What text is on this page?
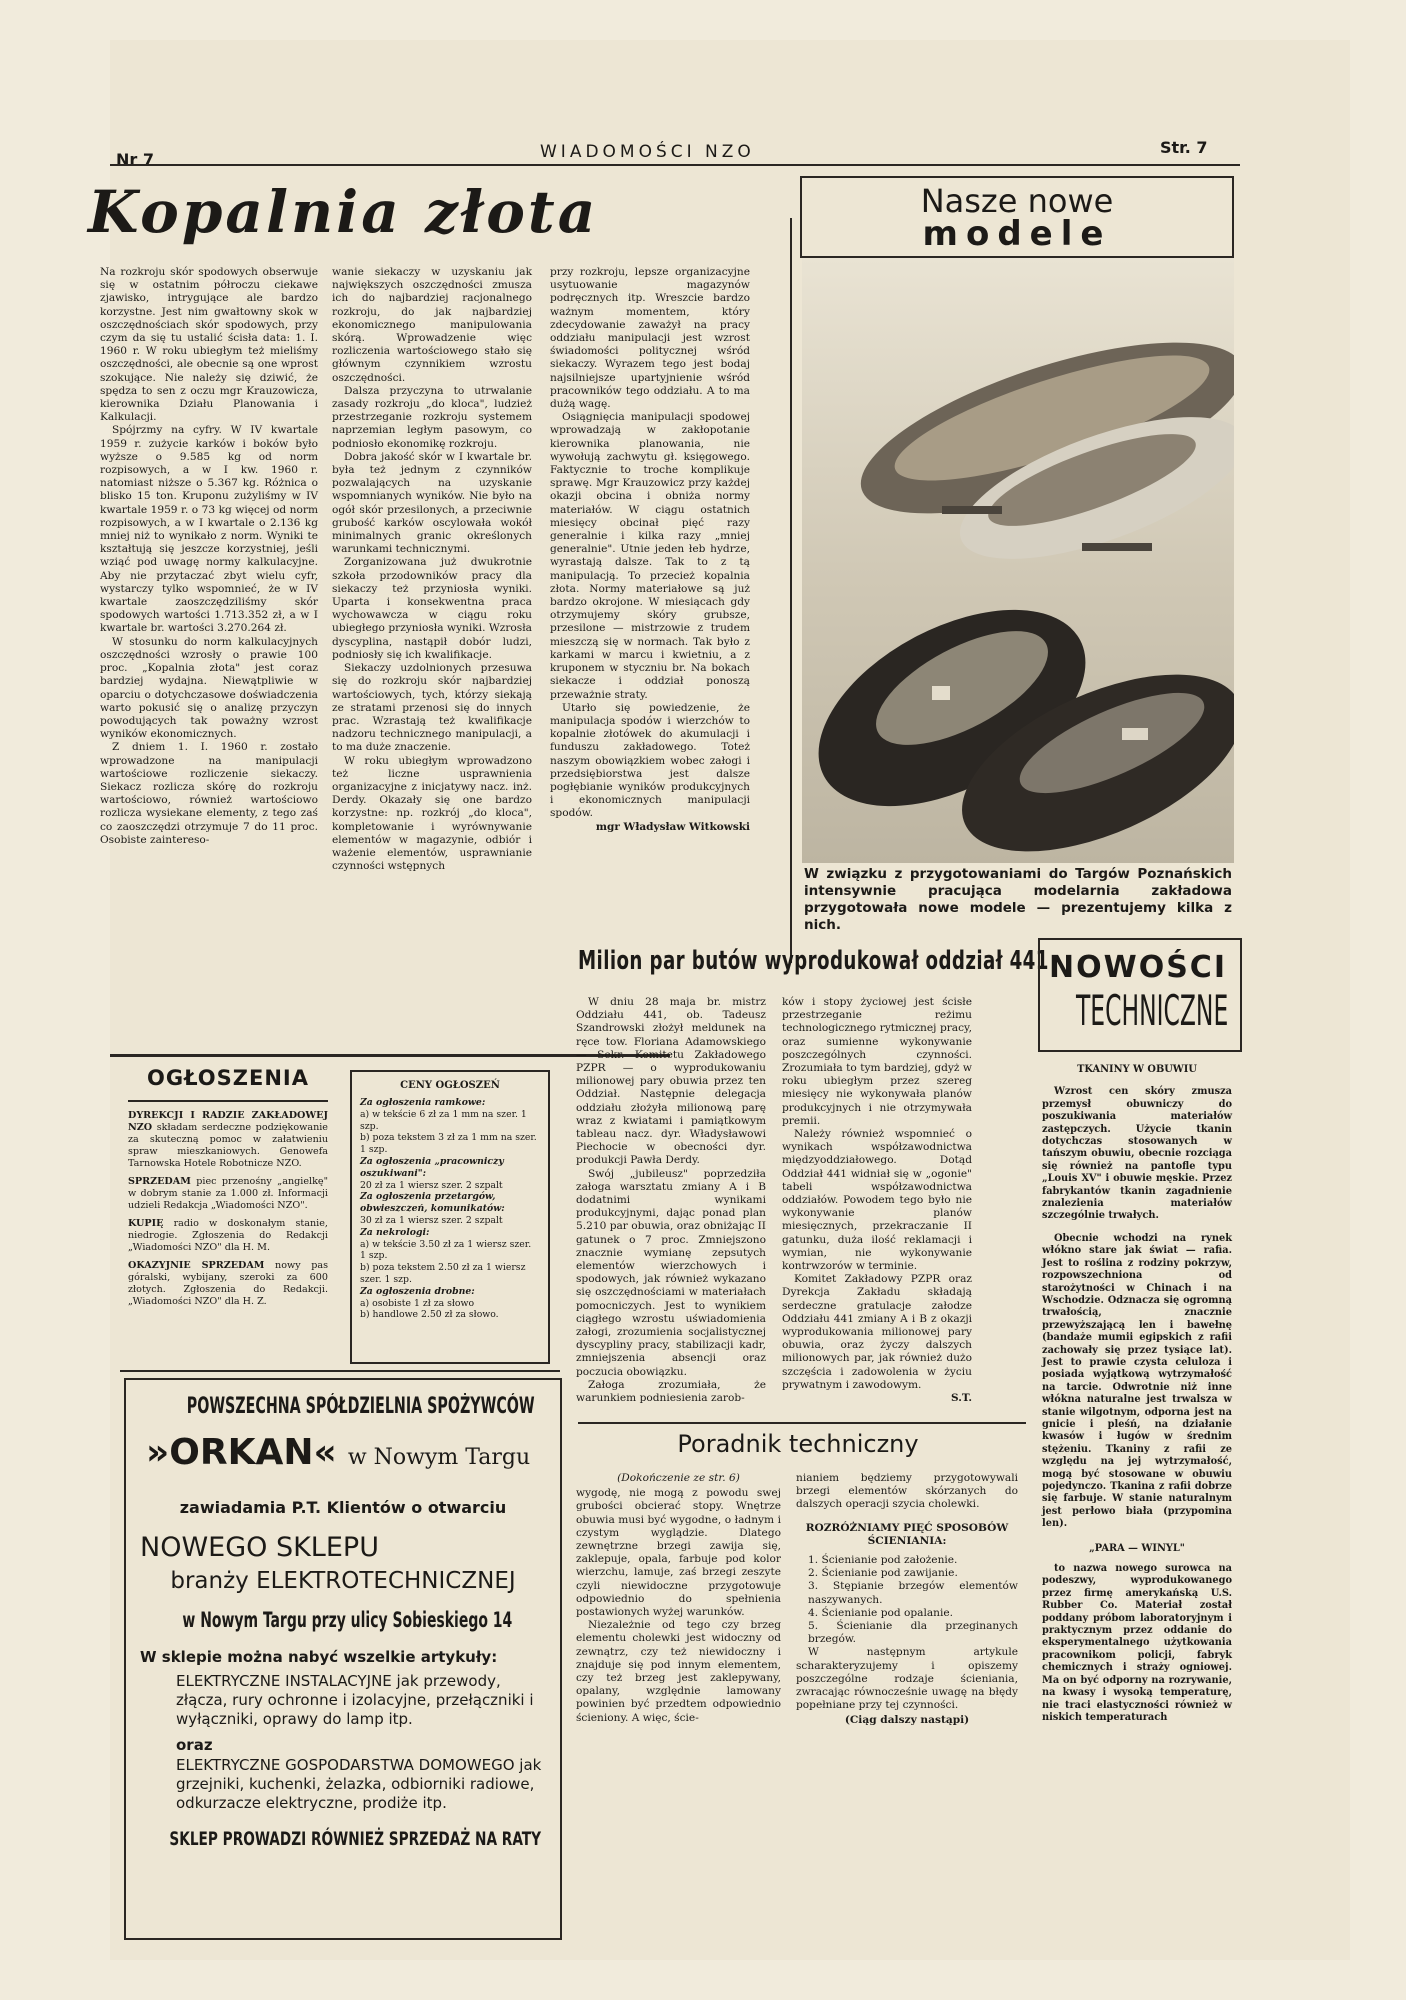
Nr 7	WIADOMOŚCI NZO	Str. 7
Kopalnia złota

Na rozkroju skór spodowych obserwuje się w ostatnim półroczu ciekawe zjawisko, intrygujące ale bardzo korzystne. Jest nim gwałtowny skok w oszczędnościach skór spodowych, przy czym da się tu ustalić ścisła data: 1. I. 1960 r. W roku ubiegłym też mieliśmy oszczędności, ale obecnie są one wprost szokujące. Nie należy się dziwić, że spędza to sen z oczu mgr Krauzowicza, kierownika Działu Planowania i Kalkulacji.

Spójrzmy na cyfry. W IV kwartale 1959 r. zużycie karków i boków było wyższe o 9.585 kg od norm rozpisowych, a w I kw. 1960 r. natomiast niższe o 5.367 kg. Różnica o blisko 15 ton. Kruponu zużyliśmy w IV kwartale 1959 r. o 73 kg więcej od norm rozpisowych, a w I kwartale o 2.136 kg mniej niż to wynikało z norm. Wyniki te kształtują się jeszcze korzystniej, jeśli wziąć pod uwagę normy kalkulacyjne. Aby nie przytaczać zbyt wielu cyfr, wystarczy tylko wspomnieć, że w IV kwartale zaoszczędziliśmy skór spodowych wartości 1.713.352 zł, a w I kwartale br. wartości 3.270.264 zł.

W stosunku do norm kalkulacyjnych oszczędności wzrosły o prawie 100 proc. „Kopalnia złota" jest coraz bardziej wydajna. Niewątpliwie w oparciu o dotychczasowe doświadczenia warto pokusić się o analizę przyczyn powodujących tak poważny wzrost wyników ekonomicznych.

Z dniem 1. I. 1960 r. zostało wprowadzone na manipulacji wartościowe rozliczenie siekaczy. Siekacz rozlicza skórę do rozkroju wartościowo, również wartościowo rozlicza wysiekane elementy, z tego zaś co zaoszczędzi otrzymuje 7 do 11 proc. Osobiste zaintereso-

wanie siekaczy w uzyskaniu jak największych oszczędności zmusza ich do najbardziej racjonalnego rozkroju, do jak najbardziej ekonomicznego manipulowania skórą. Wprowadzenie więc rozliczenia wartościowego stało się głównym czynnikiem wzrostu oszczędności.

Dalsza przyczyna to utrwalanie zasady rozkroju „do kloca", ludzież przestrzeganie rozkroju systemem naprzemian ległym pasowym, co podniosło ekonomikę rozkroju.

Dobra jakość skór w I kwartale br. była też jednym z czynników pozwalających na uzyskanie wspomnianych wyników. Nie było na ogół skór przesilonych, a przeciwnie grubość karków oscylowała wokół minimalnych granic określonych warunkami technicznymi.

Zorganizowana już dwukrotnie szkoła przodowników pracy dla siekaczy też przyniosła wyniki. Uparta i konsekwentna praca wychowawcza w ciągu roku ubiegłego przyniosła wyniki. Wzrosła dyscyplina, nastąpił dobór ludzi, podniosły się ich kwalifikacje.

Siekaczy uzdolnionych przesuwa się do rozkroju skór najbardziej wartościowych, tych, którzy siekają ze stratami przenosi się do innych prac. Wzrastają też kwalifikacje nadzoru technicznego manipulacji, a to ma duże znaczenie.

W roku ubiegłym wprowadzono też liczne usprawnienia organizacyjne z inicjatywy nacz. inż. Derdy. Okazały się one bardzo korzystne: np. rozkrój „do kloca", kompletowanie i wyrównywanie elementów w magazynie, odbiór i ważenie elementów, usprawnianie czynności wstępnych

przy rozkroju, lepsze organizacyjne usytuowanie magazynów podręcznych itp. Wreszcie bardzo ważnym momentem, który zdecydowanie zaważył na pracy oddziału manipulacji jest wzrost świadomości politycznej wśród siekaczy. Wyrazem tego jest bodaj najsilniejsze upartyjnienie wśród pracowników tego oddziału. A to ma dużą wagę.

Osiągnięcia manipulacji spodowej wprowadzają w zakłopotanie kierownika planowania, nie wywołują zachwytu gł. księgowego. Faktycznie to troche komplikuje sprawę. Mgr Krauzowicz przy każdej okazji obcina i obniża normy materiałów. W ciągu ostatnich miesięcy obcinał pięć razy generalnie i kilka razy „mniej generalnie". Utnie jeden łeb hydrze, wyrastają dalsze. Tak to z tą manipulacją. To przecież kopalnia złota. Normy materiałowe są już bardzo okrojone. W miesiącach gdy otrzymujemy skóry grubsze, przesilone — mistrzowie z trudem mieszczą się w normach. Tak było z karkami w marcu i kwietniu, a z kruponem w styczniu br. Na bokach siekacze i oddział ponoszą przeważnie straty.

Utarło się powiedzenie, że manipulacja spodów i wierzchów to kopalnie złotówek do akumulacji i funduszu zakładowego. Toteż naszym obowiązkiem wobec załogi i przedsiębiorstwa jest dalsze pogłębianie wyników produkcyjnych i ekonomicznych manipulacji spodów.

mgr Władysław Witkowski
Nasze nowe
modele
W związku z przygotowaniami do Targów Poznańskich intensywnie pracująca modelarnia zakładowa przygotowała nowe modele — prezentujemy kilka z nich.
Milion par butów wyprodukował oddział 441

W dniu 28 maja br. mistrz Oddziału 441, ob. Tadeusz Szandrowski złożył meldunek na ręce tow. Floriana Adamowskiego — Sekr. Komitetu Zakładowego PZPR — o wyprodukowaniu milionowej pary obuwia przez ten Oddział. Następnie delegacja oddziału złożyła milionową parę wraz z kwiatami i pamiątkowym tableau nacz. dyr. Władysławowi Piechocie w obecności dyr. produkcji Pawła Derdy.

Swój „jubileusz" poprzedziła załoga warsztatu zmiany A i B dodatnimi wynikami produkcyjnymi, dając ponad plan 5.210 par obuwia, oraz obniżając II gatunek o 7 proc. Zmniejszono znacznie wymianę zepsutych elementów wierzchowych i spodowych, jak również wykazano się oszczędnościami w materiałach pomocniczych. Jest to wynikiem ciągłego wzrostu uświadomienia załogi, zrozumienia socjalistycznej dyscypliny pracy, stabilizacji kadr, zmniejszenia absencji oraz poczucia obowiązku.

Załoga zrozumiała, że warunkiem podniesienia zarob-

ków i stopy życiowej jest ścisłe przestrzeganie reżimu technologicznego rytmicznej pracy, oraz sumienne wykonywanie poszczególnych czynności. Zrozumiała to tym bardziej, gdyż w roku ubiegłym przez szereg miesięcy nie wykonywała planów produkcyjnych i nie otrzymywała premii.

Należy również wspomnieć o wynikach współzawodnictwa międzyoddziałowego. Dotąd Oddział 441 widniał się w „ogonie" tabeli współzawodnictwa oddziałów. Powodem tego było nie wykonywanie planów miesięcznych, przekraczanie II gatunku, duża ilość reklamacji i wymian, nie wykonywanie kontrwzorów w terminie.

Komitet Zakładowy PZPR oraz Dyrekcja Zakładu składają serdeczne gratulacje załodze Oddziału 441 zmiany A i B z okazji wyprodukowania milionowej pary obuwia, oraz życzy dalszych milionowych par, jak również dużo szczęścia i zadowolenia w życiu prywatnym i zawodowym.

S.T.
NOWOŚCI
TECHNICZNE
TKANINY W OBUWIU

Wzrost cen skóry zmusza przemysł obuwniczy do poszukiwania materiałów zastępczych. Użycie tkanin dotychczas stosowanych w tańszym obuwiu, obecnie rozciąga się również na pantofle typu „Louis XV" i obuwie męskie. Przez fabrykantów tkanin zagadnienie znalezienia materiałów szczególnie trwałych.

Obecnie wchodzi na rynek włókno stare jak świat — rafia. Jest to roślina z rodziny pokrzyw, rozpowszechniona od starożytności w Chinach i na Wschodzie. Odznacza się ogromną trwałością, znacznie przewyższającą len i bawełnę (bandaże mumii egipskich z rafii zachowały się przez tysiące lat). Jest to prawie czysta celuloza i posiada wyjątkową wytrzymałość na tarcie. Odwrotnie niż inne włókna naturalne jest trwalsza w stanie wilgotnym, odporna jest na gnicie i pleśń, na działanie kwasów i ługów w średnim stężeniu. Tkaniny z rafii ze względu na jej wytrzymałość, mogą być stosowane w obuwiu pojedynczo. Tkanina z rafii dobrze się farbuje. W stanie naturalnym jest perłowo biała (przypomina len).

„PARA — WINYL"

to nazwa nowego surowca na podeszwy, wyprodukowanego przez firmę amerykańską U.S. Rubber Co. Materiał został poddany próbom laboratoryjnym i praktycznym przez oddanie do eksperymentalnego użytkowania pracownikom policji, fabryk chemicznych i straży ogniowej. Ma on być odporny na rozrywanie, na kwasy i wysoką temperaturę, nie traci elastyczności również w niskich temperaturach

OGŁOSZENIA

DYREKCJI I RADZIE ZAKŁADOWEJ NZO składam serdeczne podziękowanie za skuteczną pomoc w załatwieniu spraw mieszkaniowych. Genowefa Tarnowska Hotele Robotnicze NZO.

SPRZEDAM piec przenośny „angielkę" w dobrym stanie za 1.000 zł. Informacji udzieli Redakcja „Wiadomości NZO".

KUPIĘ radio w doskonałym stanie, niedrogie. Zgłoszenia do Redakcji „Wiadomości NZO" dla H. M.

OKAZYJNIE SPRZEDAM nowy pas góralski, wybijany, szeroki za 600 złotych. Zgłoszenia do Redakcji. „Wiadomości NZO" dla H. Z.

CENY OGŁOSZEŃ

Za ogłoszenia ramkowe:

a) w tekście 6 zł za 1 mm na szer. 1 szp.

b) poza tekstem 3 zł za 1 mm na szer. 1 szp.

Za ogłoszenia „pracowniczy oszukiwani":

20 zł za 1 wiersz szer. 2 szpalt

Za ogłoszenia przetargów, obwieszczeń, komunikatów:

30 zł za 1 wiersz szer. 2 szpalt

Za nekrologi:

a) w tekście 3.50 zł za 1 wiersz szer. 1 szp.

b) poza tekstem 2.50 zł za 1 wiersz szer. 1 szp.

Za ogłoszenia drobne:

a) osobiste 1 zł za słowo

b) handlowe 2.50 zł za słowo.

POWSZECHNA SPÓŁDZIELNIA SPOŻYWCÓW
»ORKAN« w Nowym Targu
zawiadamia P.T. Klientów o otwarciu
NOWEGO SKLEPU
branży ELEKTROTECHNICZNEJ
w Nowym Targu przy ulicy Sobieskiego 14
W sklepie można nabyć wszelkie artykuły:
ELEKTRYCZNE INSTALACYJNE jak przewody, złącza, rury ochronne i izolacyjne, przełączniki i wyłączniki, oprawy do lamp itp.
oraz
ELEKTRYCZNE GOSPODARSTWA DOMOWEGO jak grzejniki, kuchenki, żelazka, odbiorniki radiowe, odkurzacze elektryczne, prodiże itp.
SKLEP PROWADZI RÓWNIEŻ SPRZEDAŻ NA RATY
Poradnik techniczny
(Dokończenie ze str. 6)

wygodę, nie mogą z powodu swej grubości obcierać stopy. Wnętrze obuwia musi być wygodne, o ładnym i czystym wyglądzie. Dlatego zewnętrzne brzegi zawija się, zaklepuje, opala, farbuje pod kolor wierzchu, lamuje, zaś brzegi zeszyte czyli niewidoczne przygotowuje odpowiednio do spełnienia postawionych wyżej warunków.

Niezależnie od tego czy brzeg elementu cholewki jest widoczny od zewnątrz, czy też niewidoczny i znajduje się pod innym elementem, czy też brzeg jest zaklepywany, opalany, względnie lamowany powinien być przedtem odpowiednio ścieniony. A więc, ście-

nianiem będziemy przygotowywali brzegi elementów skórzanych do dalszych operacji szycia cholewki.

ROZRÓŻNIAMY PIĘĆ SPOSOBÓW ŚCIENIANIA:

1. Ścienianie pod założenie.

2. Ścienianie pod zawijanie.

3. Stępianie brzegów elementów naszywanych.

4. Ścienianie pod opalanie.

5. Ścienianie dla przeginanych brzegów.

W następnym artykule scharakteryzujemy i opiszemy poszczególne rodzaje ścieniania, zwracając równocześnie uwagę na błędy popełniane przy tej czynności.

(Ciąg dalszy nastąpi)
